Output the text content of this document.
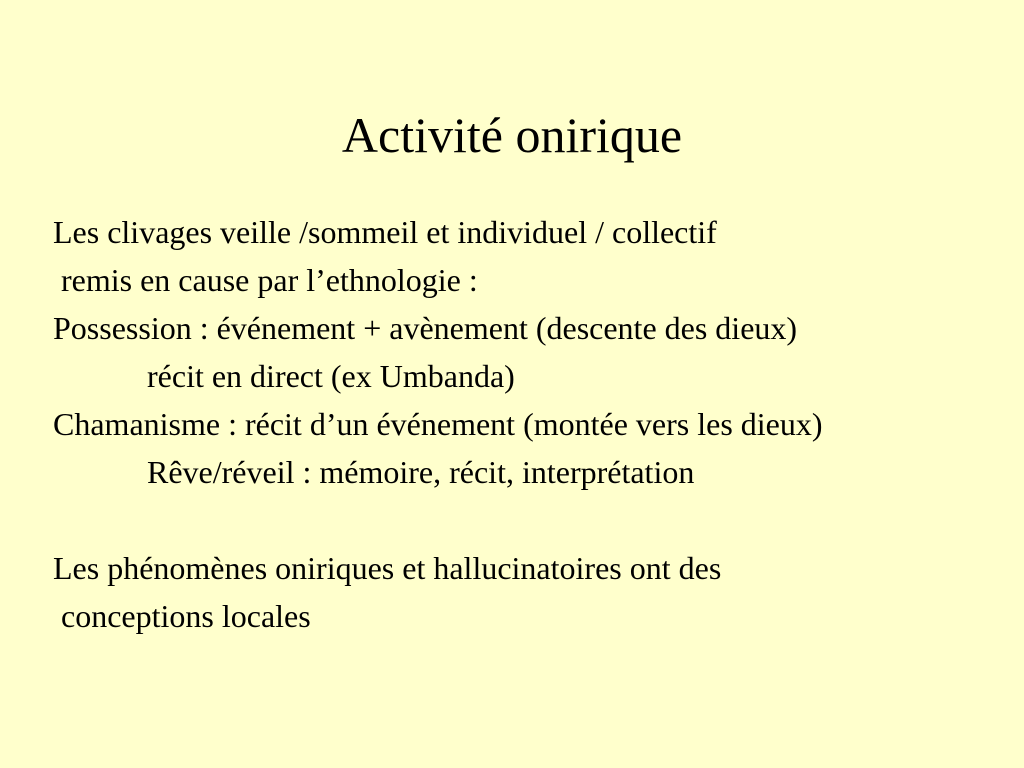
Activité onirique
Les clivages veille /sommeil et individuel / collectif
remis en cause par l’ethnologie :
Possession : événement + avènement (descente des dieux)
récit en direct (ex Umbanda)
Chamanisme : récit d’un événement (montée vers les dieux)
Rêve/réveil : mémoire, récit, interprétation
Les phénomènes oniriques et hallucinatoires ont des
conceptions locales
